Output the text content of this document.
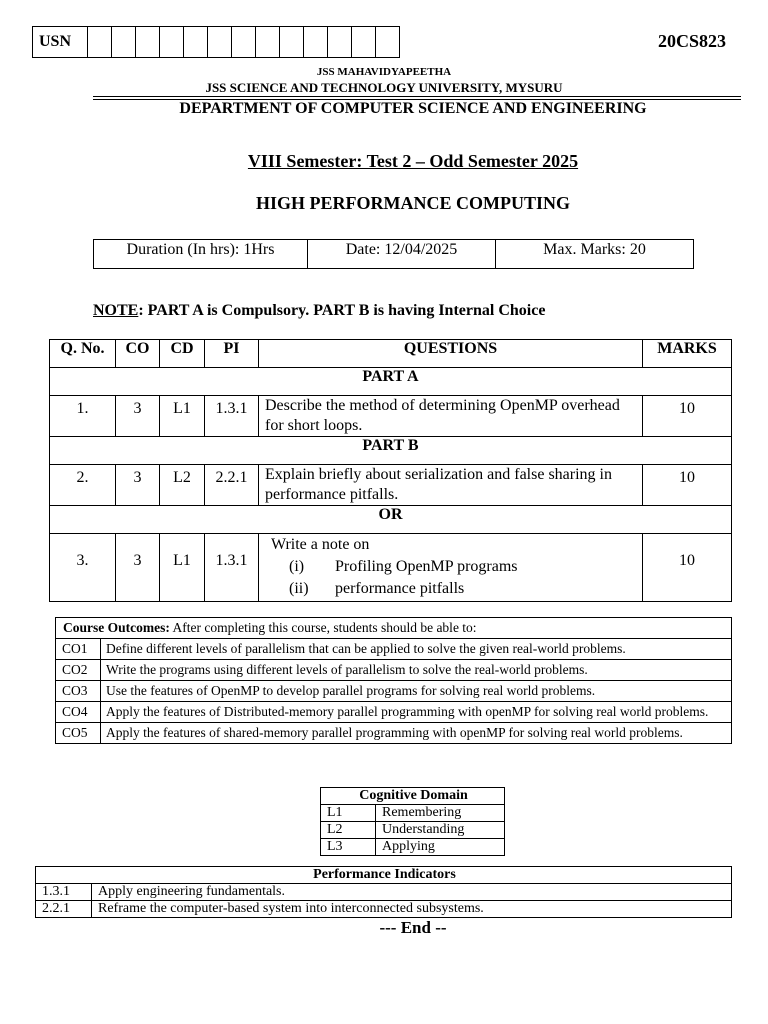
USN														20CS823
JSS MAHAVIDYAPEETHA
JSS SCIENCE AND TECHNOLOGY UNIVERSITY, MYSURU
DEPARTMENT OF COMPUTER SCIENCE AND ENGINEERING
VIII Semester: Test 2 – Odd Semester 2025
HIGH PERFORMANCE COMPUTING
Duration (In hrs): 1Hrs	Date: 12/04/2025	Max. Marks: 20
NOTE: PART A is Compulsory. PART B is having Internal Choice
Q. No.	CO	CD	PI	QUESTIONS	MARKS
PART A					
1.	3	L1	1.3.1	Describe the method of determining OpenMP overhead for short loops.	10
PART B					
2.	3	L2	2.2.1	Explain briefly about serialization and false sharing in performance pitfalls.	10
OR					
3.	3	L1	1.3.1	Write a note on
(i) Profiling OpenMP programs
(ii) performance pitfalls	10
Course Outcomes: After completing this course, students should be able to:	
CO1	Define different levels of parallelism that can be applied to solve the given real-world problems.
CO2	Write the programs using different levels of parallelism to solve the real-world problems.
CO3	Use the features of OpenMP to develop parallel programs for solving real world problems.
CO4	Apply the features of Distributed-memory parallel programming with openMP for solving real world problems.
CO5	Apply the features of shared-memory parallel programming with openMP for solving real world problems.
Cognitive Domain	
L1	Remembering
L2	Understanding
L3	Applying
Performance Indicators	
1.3.1	Apply engineering fundamentals.
2.2.1	Reframe the computer-based system into interconnected subsystems.
--- End --
